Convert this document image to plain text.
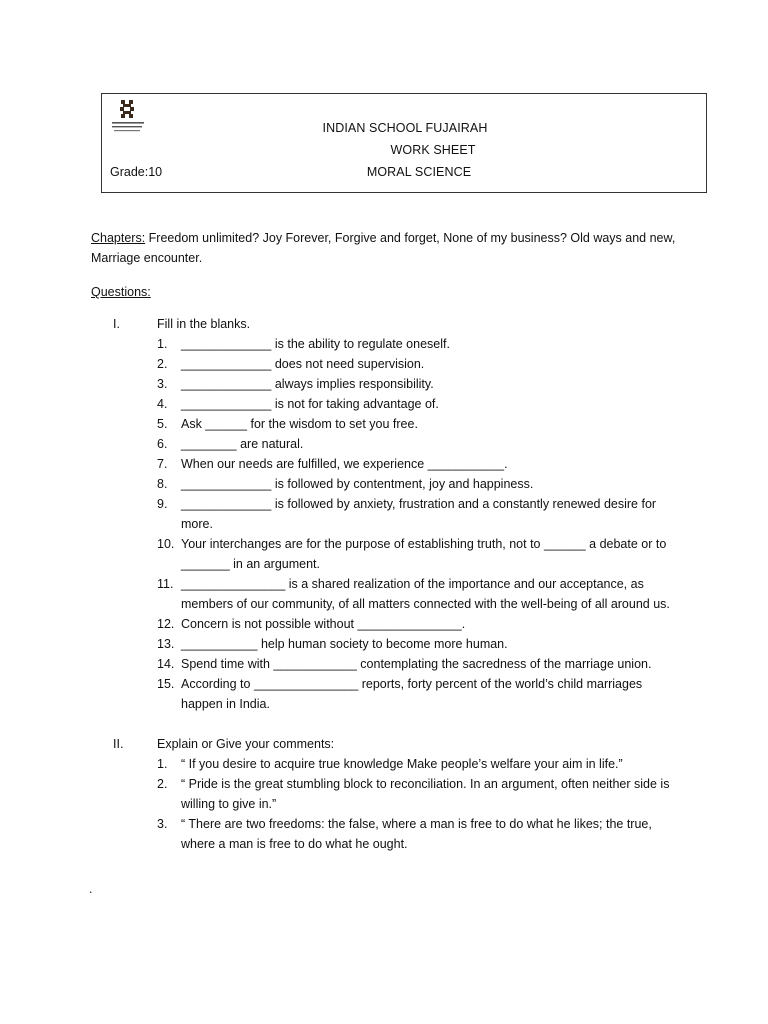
INDIAN SCHOOL FUJAIRAH
WORK SHEET
Grade:10	MORAL SCIENCE
Chapters: Freedom unlimited? Joy Forever, Forgive and forget, None of my business? Old ways and new, Marriage encounter.
Questions:
I.	Fill in the blanks.
1. _____________ is the ability to regulate oneself.
2. _____________ does not need supervision.
3. _____________ always implies responsibility.
4. _____________ is not for taking advantage of.
5. Ask ______ for the wisdom to set you free.
6. ________ are natural.
7. When our needs are fulfilled, we experience ___________.
8. _____________ is followed by contentment, joy and happiness.
9. _____________ is followed by anxiety, frustration and a constantly renewed desire for more.
10. Your interchanges are for the purpose of establishing truth, not to ______ a debate or to _______ in an argument.
11. _______________ is a shared realization of the importance and our acceptance, as members of our community, of all matters connected with the well-being of all around us.
12. Concern is not possible without _______________.
13. ___________ help human society to become more human.
14. Spend time with ____________ contemplating the sacredness of the marriage union.
15. According to _______________ reports, forty percent of the world’s child marriages happen in India.
II.	Explain or Give your comments:
1. “ If you desire to acquire true knowledge Make people’s welfare your aim in life.”
2. “ Pride is the great stumbling block to reconciliation. In an argument, often neither side is willing to give in.”
3. “ There are two freedoms: the false, where a man is free to do what he likes; the true, where a man is free to do what he ought.
.
